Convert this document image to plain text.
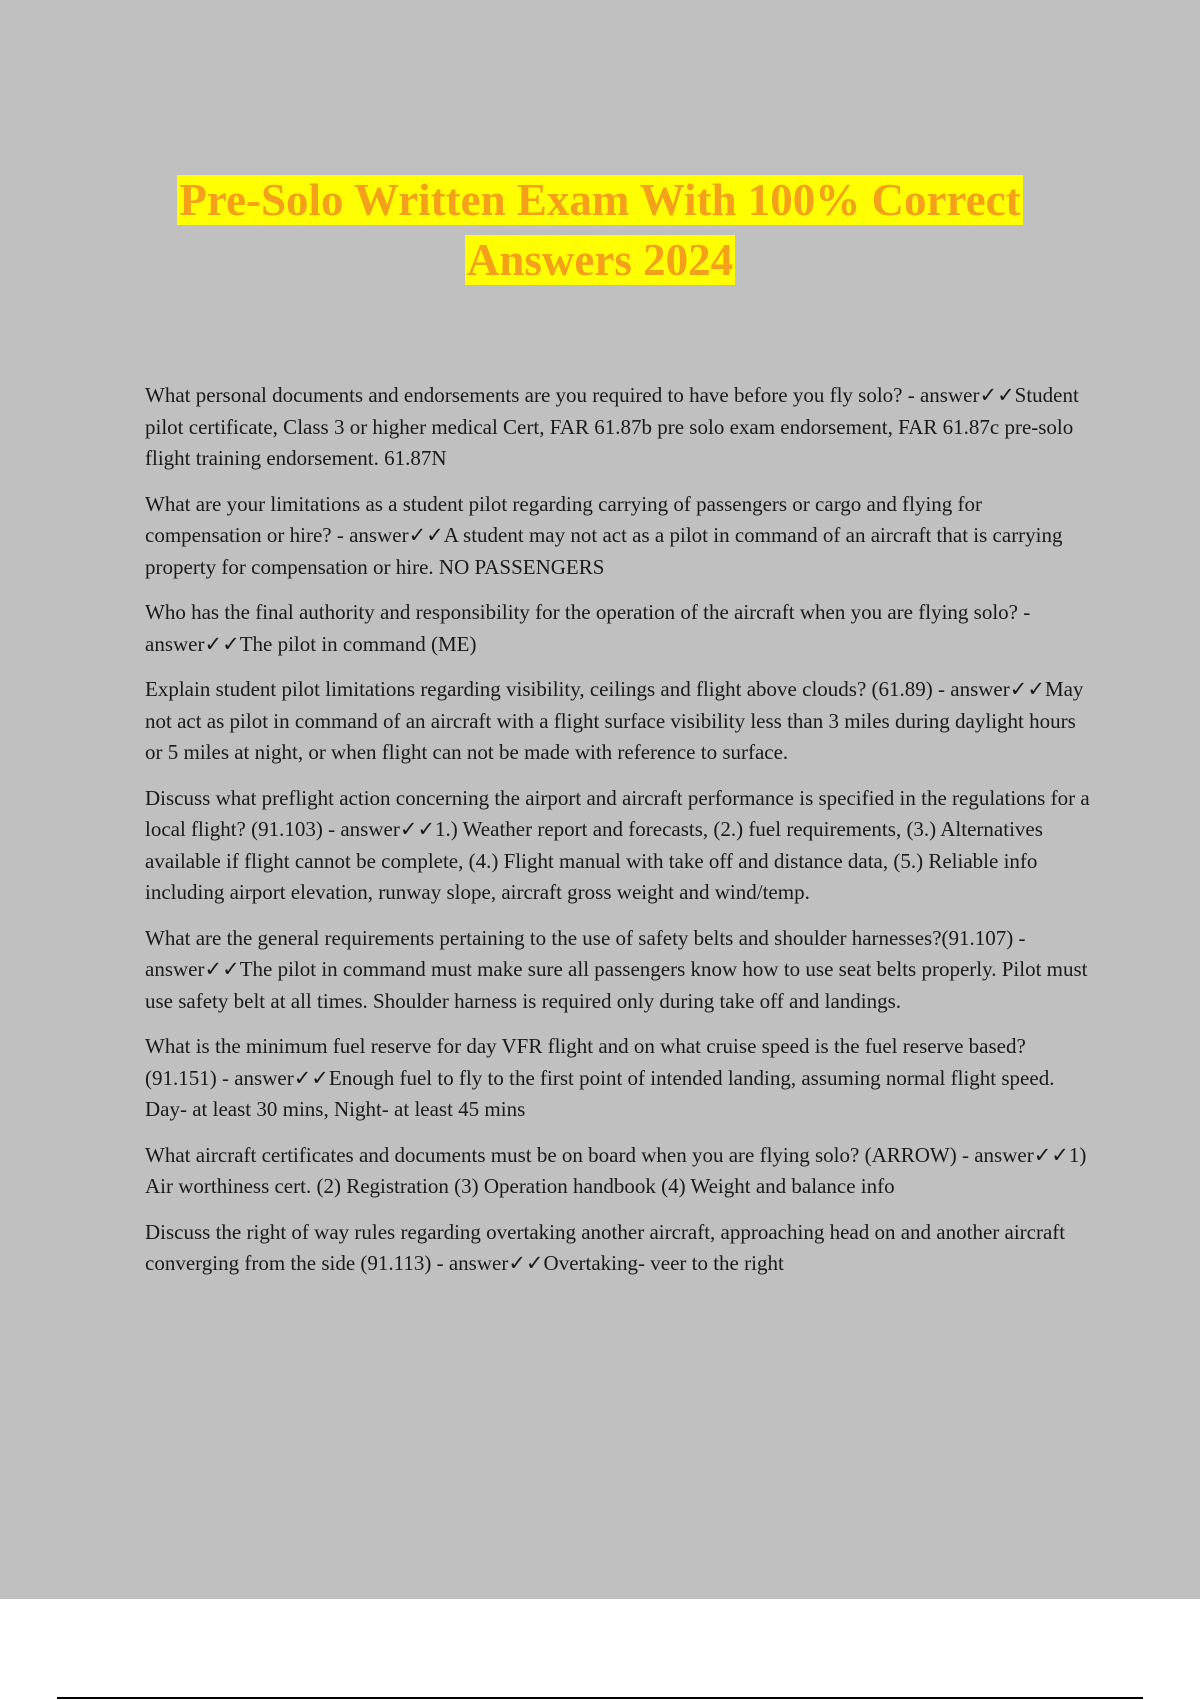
Pre-Solo Written Exam With 100% Correct
Answers 2024
What personal documents and endorsements are you required to have before you fly solo? - answer✓✓Student pilot certificate, Class 3 or higher medical Cert, FAR 61.87b pre solo exam endorsement, FAR 61.87c pre-solo flight training endorsement. 61.87N
What are your limitations as a student pilot regarding carrying of passengers or cargo and flying for compensation or hire? - answer✓✓A student may not act as a pilot in command of an aircraft that is carrying property for compensation or hire. NO PASSENGERS
Who has the final authority and responsibility for the operation of the aircraft when you are flying solo? - answer✓✓The pilot in command (ME)
Explain student pilot limitations regarding visibility, ceilings and flight above clouds? (61.89) - answer✓✓May not act as pilot in command of an aircraft with a flight surface visibility less than 3 miles during daylight hours or 5 miles at night, or when flight can not be made with reference to surface.
Discuss what preflight action concerning the airport and aircraft performance is specified in the regulations for a local flight? (91.103) - answer✓✓1.) Weather report and forecasts, (2.) fuel requirements, (3.) Alternatives available if flight cannot be complete, (4.) Flight manual with take off and distance data, (5.) Reliable info including airport elevation, runway slope, aircraft gross weight and wind/temp.
What are the general requirements pertaining to the use of safety belts and shoulder harnesses?(91.107) - answer✓✓The pilot in command must make sure all passengers know how to use seat belts properly. Pilot must use safety belt at all times. Shoulder harness is required only during take off and landings.
What is the minimum fuel reserve for day VFR flight and on what cruise speed is the fuel reserve based?(91.151) - answer✓✓Enough fuel to fly to the first point of intended landing, assuming normal flight speed. Day- at least 30 mins, Night- at least 45 mins
What aircraft certificates and documents must be on board when you are flying solo? (ARROW) - answer✓✓1) Air worthiness cert. (2) Registration (3) Operation handbook (4) Weight and balance info
Discuss the right of way rules regarding overtaking another aircraft, approaching head on and another aircraft converging from the side (91.113) - answer✓✓Overtaking- veer to the right
